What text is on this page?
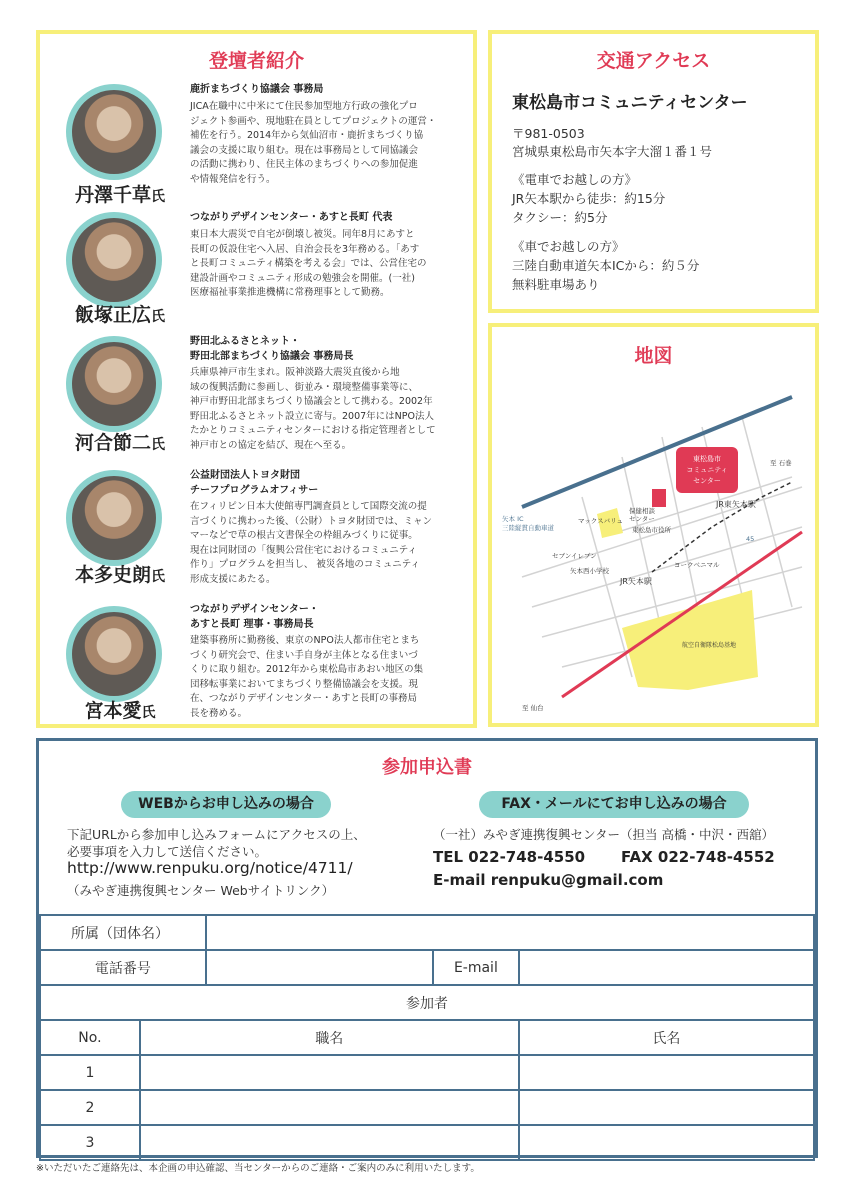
登壇者紹介
丹澤千草氏
鹿折まちづくり協議会 事務局
JICA在職中に中米にて住民参加型地方行政の強化プロ
ジェクト参画や、現地駐在員としてプロジェクトの運営・
補佐を行う。2014年から気仙沼市・鹿折まちづくり協
議会の支援に取り組む。現在は事務局として同協議会
の活動に携わり、住民主体のまちづくりへの参加促進
や情報発信を行う。
飯塚正広氏
つながりデザインセンター・あすと長町 代表
東日本大震災で自宅が倒壊し被災。同年8月にあすと
長町の仮設住宅へ入居、自治会長を3年務める。「あす
と長町コミュニティ構築を考える会」では、公営住宅の
建設計画やコミュニティ形成の勉強会を開催。(一社)
医療福祉事業推進機構に常務理事として勤務。
河合節二氏
野田北ふるさとネット・
野田北部まちづくり協議会 事務局長
兵庫県神戸市生まれ。阪神淡路大震災直後から地
域の復興活動に参画し、街並み・環境整備事業等に、
神戸市野田北部まちづくり協議会として携わる。2002年
野田北ふるさとネット設立に寄与。2007年にはNPO法人
たかとりコミュニティセンターにおける指定管理者として
神戸市との協定を結び、現在へ至る。
本多史朗氏
公益財団法人トヨタ財団
チーフプログラムオフィサー
在フィリピン日本大使館専門調査員として国際交流の提
言づくりに携わった後、（公財）トヨタ財団では、ミャン
マーなどで草の根古文書保全の枠組みづくりに従事。
現在は同財団の「復興公営住宅におけるコミュニティ
作り」プログラムを担当し、 被災各地のコミュニティ
形成支援にあたる。
宮本愛氏
つながりデザインセンター・
あすと長町 理事・事務局長
建築事務所に勤務後、東京のNPO法人都市住宅とまち
づくり研究会で、住まい手自身が主体となる住まいづ
くりに取り組む。2012年から東松島市あおい地区の集
団移転事業においてまちづくり整備協議会を支援。現
在、つながりデザインセンター・あすと長町の事務局
長を務める。
交通アクセス
東松島市コミュニティセンター
〒981-0503
宮城県東松島市矢本字大溜１番１号
《電車でお越しの方》
JR矢本駅から徒歩：約15分
タクシー：約5分
《車でお越しの方》
三陸自動車道矢本ICから：約５分
無料駐車場あり
地図
東松島市コミュニティセンター
至 石巻
至 仙台
矢本 IC
三陸縦貫自動車道
マックスバリュ
保健相談センター
東松島市役所
JR東矢本駅
セブンイレブン
ヨークベニマル
矢本西小学校
JR矢本駅
45
航空自衛隊松島基地
参加申込書
WEBからお申し込みの場合
下記URLから参加申し込みフォームにアクセスの上、
必要事項を入力して送信ください。
http://www.renpuku.org/notice/4711/
（みやぎ連携復興センター Webサイトリンク）
FAX・メールにてお申し込みの場合
（一社）みやぎ連携復興センター（担当 高橋・中沢・西舘）
TEL 022-748-4550 FAX 022-748-4552
E-mail renpuku@gmail.com
所属（団体名）				
電話番号			E-mail	
参加者				
No.	職名			氏名
1				
2				
3				
※いただいたご連絡先は、本企画の申込確認、当センターからのご連絡・ご案内のみに利用いたします。
